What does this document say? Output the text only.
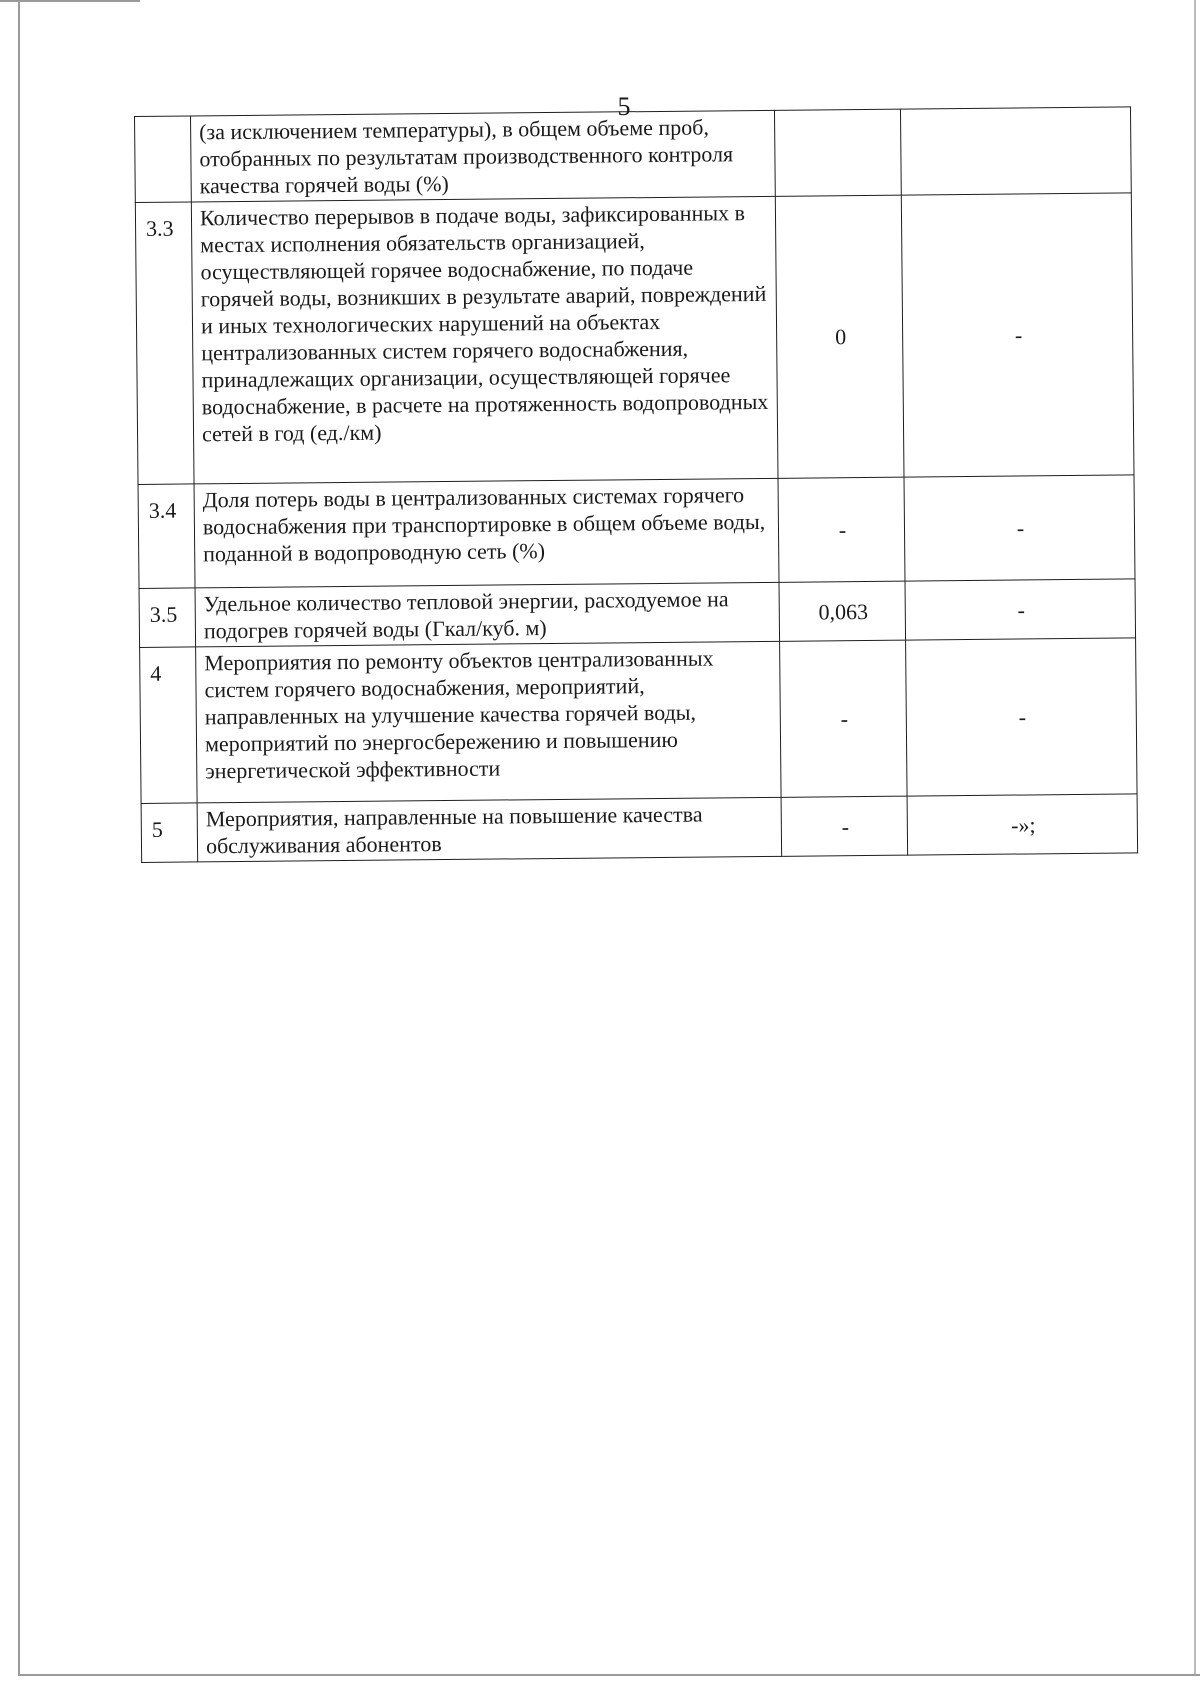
5
	(за исключением температуры), в общем объеме проб, отобранных по результатам производственного контроля качества горячей воды (%)		
3.3	Количество перерывов в подаче воды, зафиксированных в местах исполнения обязательств организацией, осуществляющей горячее водоснабжение, по подаче горячей воды, возникших в результате аварий, повреждений и иных технологических нарушений на объектах централизованных систем горячего водоснабжения, принадлежащих организации, осуществляющей горячее водоснабжение, в расчете на протяженность водопроводных сетей в год (ед./км)	0	-
3.4	Доля потерь воды в централизованных системах горячего водоснабжения при транспортировке в общем объеме воды, поданной в водопроводную сеть (%)	-	-
3.5	Удельное количество тепловой энергии, расходуемое на подогрев горячей воды (Гкал/куб. м)	0,063	-
4	Мероприятия по ремонту объектов централизованных систем горячего водоснабжения, мероприятий, направленных на улучшение качества горячей воды, мероприятий по энергосбережению и повышению энергетической эффективности	-	-
5	Мероприятия, направленные на повышение качества обслуживания абонентов	-	-»;
